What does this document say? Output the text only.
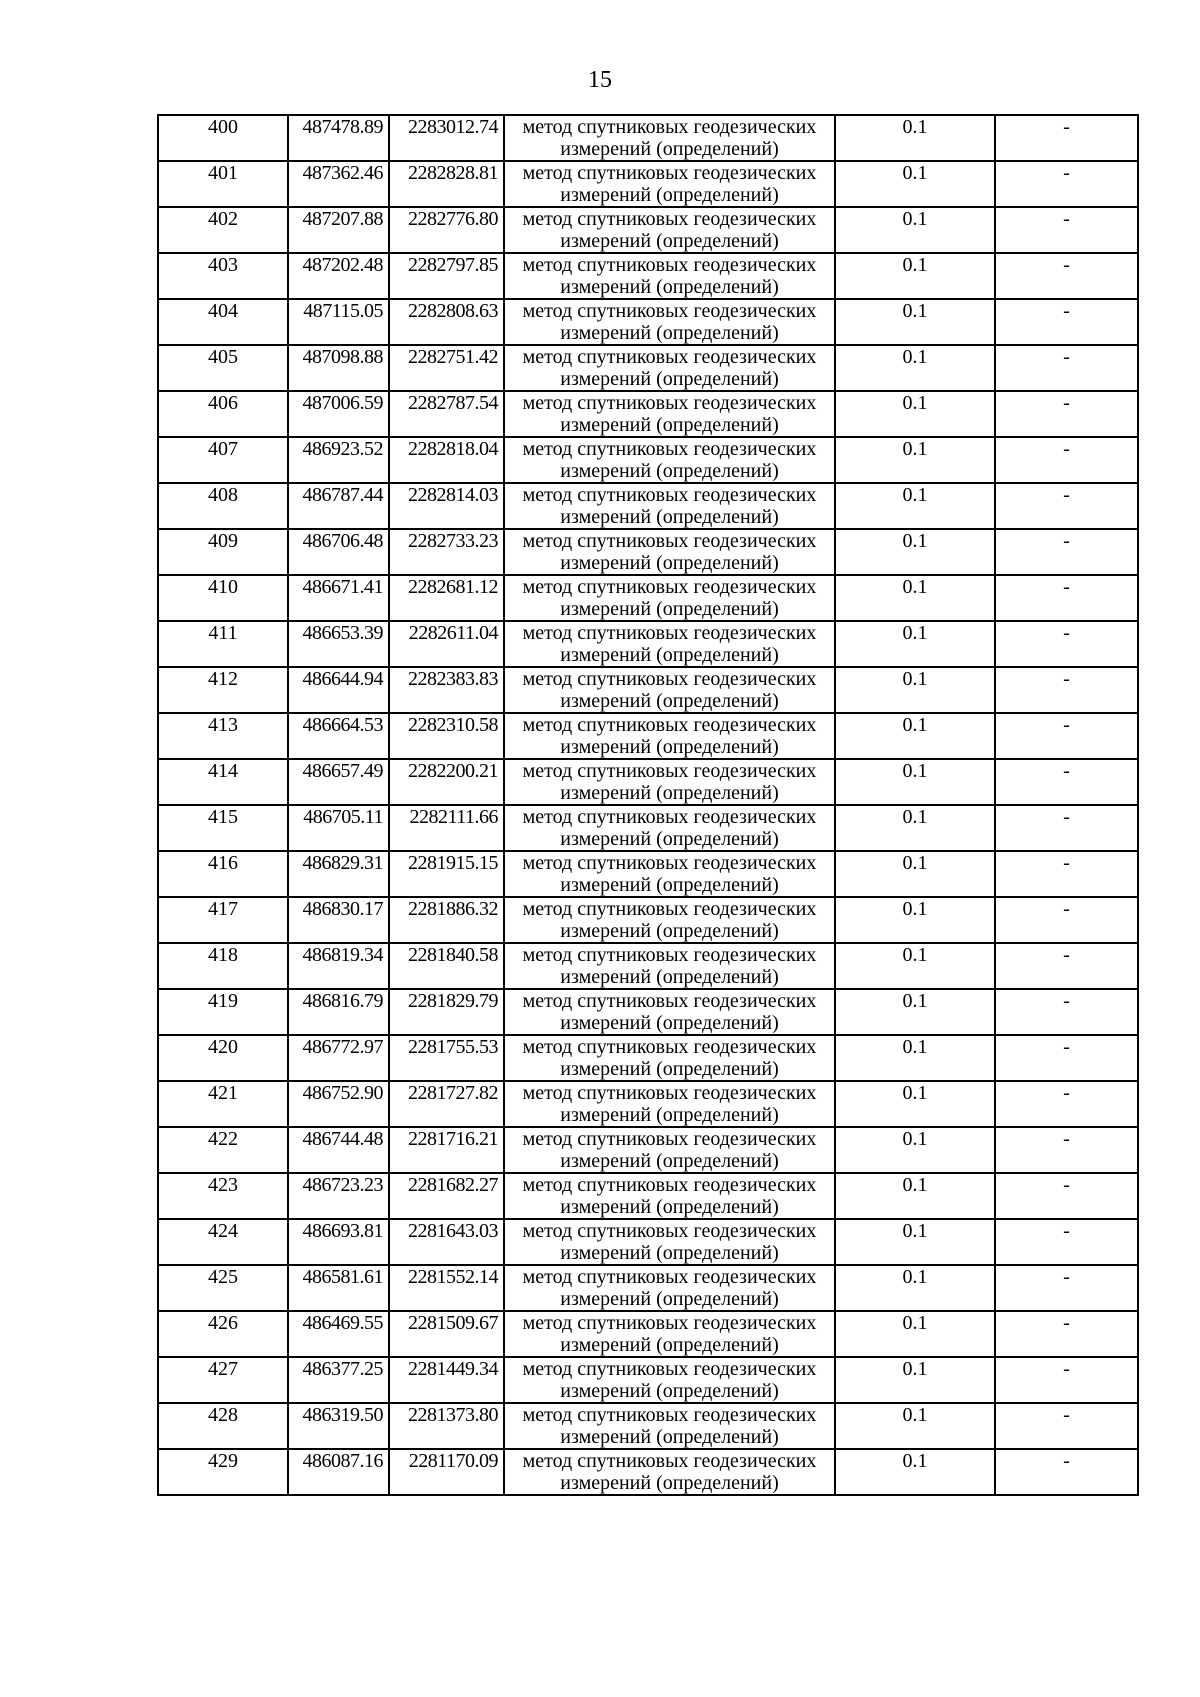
15
400	487478.89	2283012.74	метод спутниковых геодезических измерений (определений)	0.1	-
401	487362.46	2282828.81	метод спутниковых геодезических измерений (определений)	0.1	-
402	487207.88	2282776.80	метод спутниковых геодезических измерений (определений)	0.1	-
403	487202.48	2282797.85	метод спутниковых геодезических измерений (определений)	0.1	-
404	487115.05	2282808.63	метод спутниковых геодезических измерений (определений)	0.1	-
405	487098.88	2282751.42	метод спутниковых геодезических измерений (определений)	0.1	-
406	487006.59	2282787.54	метод спутниковых геодезических измерений (определений)	0.1	-
407	486923.52	2282818.04	метод спутниковых геодезических измерений (определений)	0.1	-
408	486787.44	2282814.03	метод спутниковых геодезических измерений (определений)	0.1	-
409	486706.48	2282733.23	метод спутниковых геодезических измерений (определений)	0.1	-
410	486671.41	2282681.12	метод спутниковых геодезических измерений (определений)	0.1	-
411	486653.39	2282611.04	метод спутниковых геодезических измерений (определений)	0.1	-
412	486644.94	2282383.83	метод спутниковых геодезических измерений (определений)	0.1	-
413	486664.53	2282310.58	метод спутниковых геодезических измерений (определений)	0.1	-
414	486657.49	2282200.21	метод спутниковых геодезических измерений (определений)	0.1	-
415	486705.11	2282111.66	метод спутниковых геодезических измерений (определений)	0.1	-
416	486829.31	2281915.15	метод спутниковых геодезических измерений (определений)	0.1	-
417	486830.17	2281886.32	метод спутниковых геодезических измерений (определений)	0.1	-
418	486819.34	2281840.58	метод спутниковых геодезических измерений (определений)	0.1	-
419	486816.79	2281829.79	метод спутниковых геодезических измерений (определений)	0.1	-
420	486772.97	2281755.53	метод спутниковых геодезических измерений (определений)	0.1	-
421	486752.90	2281727.82	метод спутниковых геодезических измерений (определений)	0.1	-
422	486744.48	2281716.21	метод спутниковых геодезических измерений (определений)	0.1	-
423	486723.23	2281682.27	метод спутниковых геодезических измерений (определений)	0.1	-
424	486693.81	2281643.03	метод спутниковых геодезических измерений (определений)	0.1	-
425	486581.61	2281552.14	метод спутниковых геодезических измерений (определений)	0.1	-
426	486469.55	2281509.67	метод спутниковых геодезических измерений (определений)	0.1	-
427	486377.25	2281449.34	метод спутниковых геодезических измерений (определений)	0.1	-
428	486319.50	2281373.80	метод спутниковых геодезических измерений (определений)	0.1	-
429	486087.16	2281170.09	метод спутниковых геодезических измерений (определений)	0.1	-
